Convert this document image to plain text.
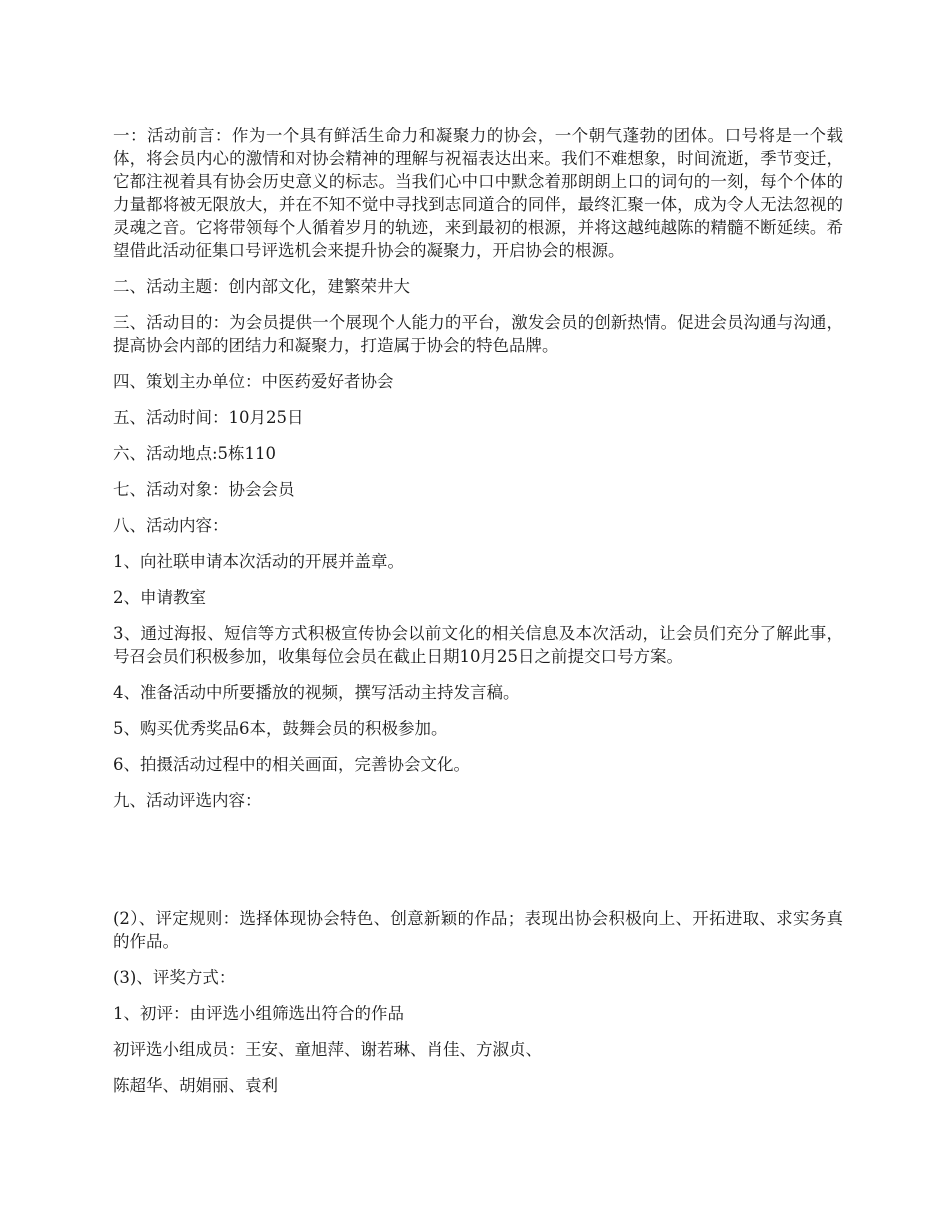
一：活动前言：作为一个具有鲜活生命力和凝聚力的协会，一个朝气蓬勃的团体。口号将是一个载体，将会员内心的激情和对协会精神的理解与祝福表达出来。我们不难想象，时间流逝，季节变迁，它都注视着具有协会历史意义的标志。当我们心中口中默念着那朗朗上口的词句的一刻，每个个体的力量都将被无限放大，并在不知不觉中寻找到志同道合的同伴，最终汇聚一体，成为令人无法忽视的灵魂之音。它将带领每个人循着岁月的轨迹，来到最初的根源，并将这越纯越陈的精髓不断延续。希望借此活动征集口号评选机会来提升协会的凝聚力，开启协会的根源。

二、活动主题：创内部文化，建繁荣井大

三、活动目的：为会员提供一个展现个人能力的平台，激发会员的创新热情。促进会员沟通与沟通，提高协会内部的团结力和凝聚力，打造属于协会的特色品牌。

四、策划主办单位：中医药爱好者协会

五、活动时间：10月25日

六、活动地点:5栋110

七、活动对象：协会会员

八、活动内容：

1、向社联申请本次活动的开展并盖章。

2、申请教室

3、通过海报、短信等方式积极宣传协会以前文化的相关信息及本次活动，让会员们充分了解此事，号召会员们积极参加，收集每位会员在截止日期10月25日之前提交口号方案。

4、准备活动中所要播放的视频，撰写活动主持发言稿。

5、购买优秀奖品6本，鼓舞会员的积极参加。

6、拍摄活动过程中的相关画面，完善协会文化。

九、活动评选内容：

(2）、评定规则：选择体现协会特色、创意新颖的作品；表现出协会积极向上、开拓进取、求实务真的作品。

(3)、评奖方式：

1、初评：由评选小组筛选出符合的作品

初评选小组成员：王安、童旭萍、谢若琳、肖佳、方淑贞、

陈超华、胡娟丽、袁利
